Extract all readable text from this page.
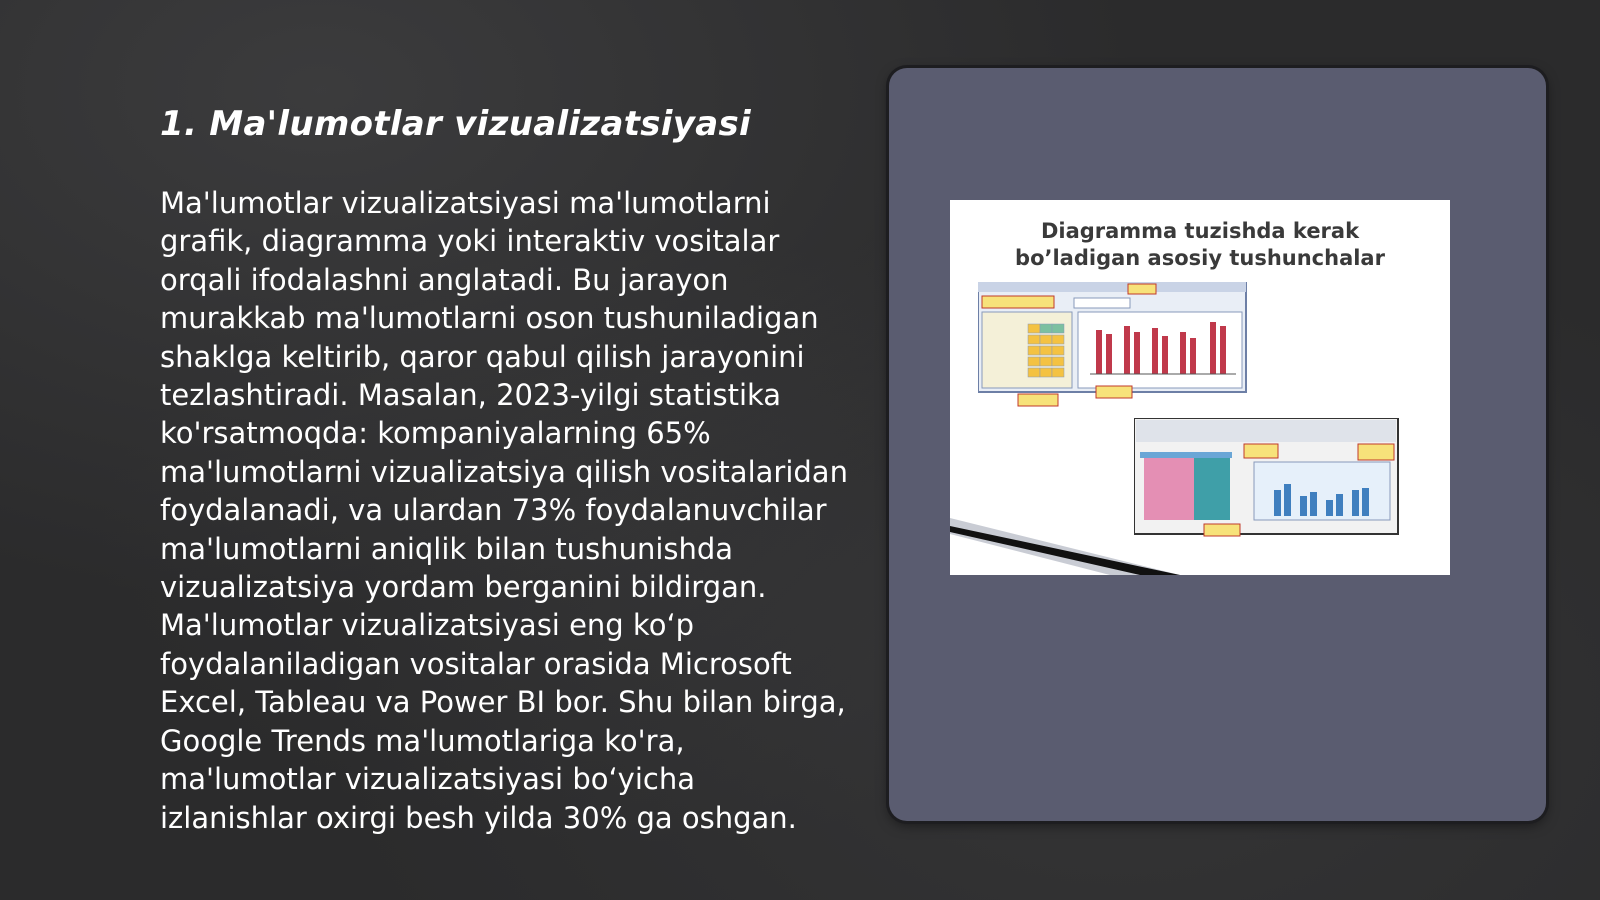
1. Ma'lumotlar vizualizatsiyasi

Ma'lumotlar vizualizatsiyasi ma'lumotlarni grafik, diagramma yoki interaktiv vositalar orqali ifodalashni anglatadi. Bu jarayon murakkab ma'lumotlarni oson tushuniladigan shaklga keltirib, qaror qabul qilish jarayonini tezlashtiradi. Masalan, 2023-yilgi statistika ko'rsatmoqda: kompaniyalarning 65% ma'lumotlarni vizualizatsiya qilish vositalaridan foydalanadi, va ulardan 73% foydalanuvchilar ma'lumotlarni aniqlik bilan tushunishda vizualizatsiya yordam berganini bildirgan. Ma'lumotlar vizualizatsiyasi eng koʻp foydalaniladigan vositalar orasida Microsoft Excel, Tableau va Power BI bor. Shu bilan birga, Google Trends ma'lumotlariga ko'ra, ma'lumotlar vizualizatsiyasi boʻyicha izlanishlar oxirgi besh yilda 30% ga oshgan.

Diagramma tuzishda kerak
bo’ladigan asosiy tushunchalar
